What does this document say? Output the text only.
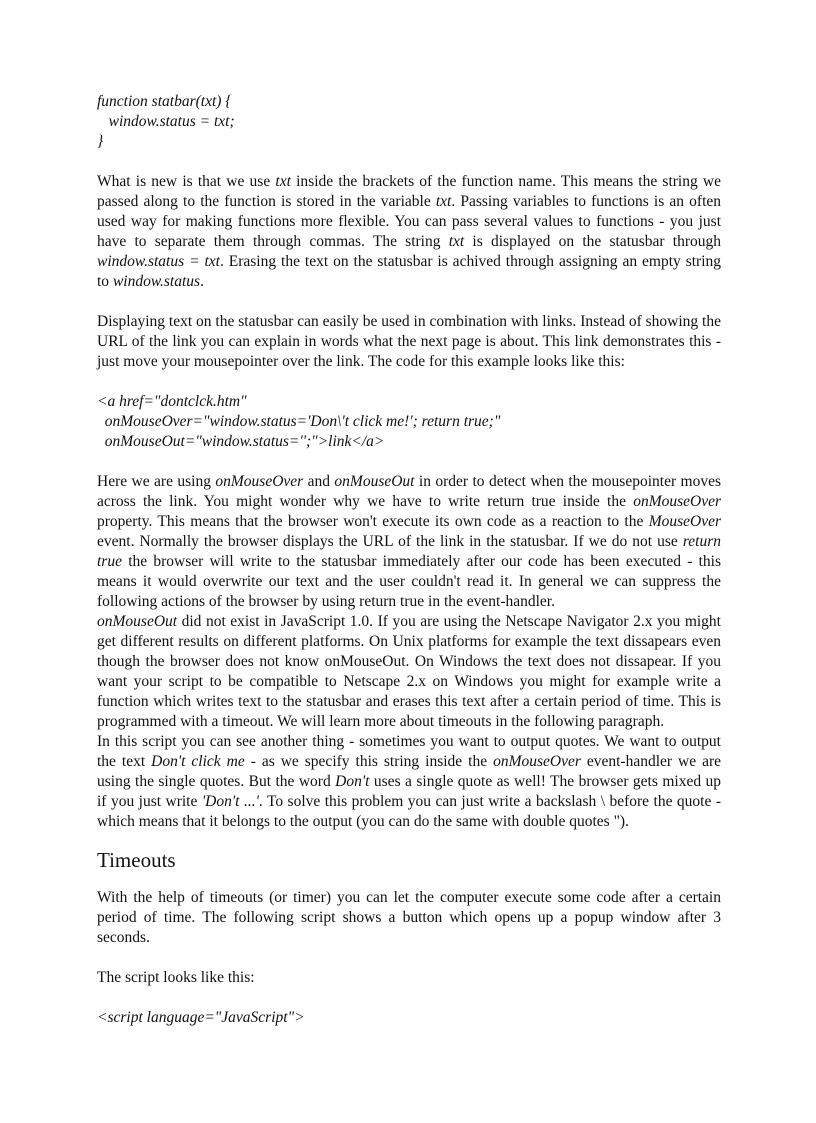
function statbar(txt) {
window.status = txt;
}

What is new is that we use txt inside the brackets of the function name. This means the string we passed along to the function is stored in the variable txt. Passing variables to functions is an often used way for making functions more flexible. You can pass several values to functions - you just have to separate them through commas. The string txt is displayed on the statusbar through window.status = txt. Erasing the text on the statusbar is achived through assigning an empty string to window.status.

Displaying text on the statusbar can easily be used in combination with links. Instead of showing the URL of the link you can explain in words what the next page is about. This link demonstrates this - just move your mousepointer over the link. The code for this example looks like this:

<a href="dontclck.htm"
onMouseOver="window.status='Don\'t click me!'; return true;"
onMouseOut="window.status='';">link</a>

Here we are using onMouseOver and onMouseOut in order to detect when the mousepointer moves across the link. You might wonder why we have to write return true inside the onMouseOver property. This means that the browser won't execute its own code as a reaction to the MouseOver event. Normally the browser displays the URL of the link in the statusbar. If we do not use return true the browser will write to the statusbar immediately after our code has been executed - this means it would overwrite our text and the user couldn't read it. In general we can suppress the following actions of the browser by using return true in the event-handler.

onMouseOut did not exist in JavaScript 1.0. If you are using the Netscape Navigator 2.x you might get different results on different platforms. On Unix platforms for example the text dissapears even though the browser does not know onMouseOut. On Windows the text does not dissapear. If you want your script to be compatible to Netscape 2.x on Windows you might for example write a function which writes text to the statusbar and erases this text after a certain period of time. This is programmed with a timeout. We will learn more about timeouts in the following paragraph.

In this script you can see another thing - sometimes you want to output quotes. We want to output the text Don't click me - as we specify this string inside the onMouseOver event-handler we are using the single quotes. But the word Don't uses a single quote as well! The browser gets mixed up if you just write 'Don't ...'. To solve this problem you can just write a backslash \ before the quote - which means that it belongs to the output (you can do the same with double quotes ").

Timeouts

With the help of timeouts (or timer) you can let the computer execute some code after a certain period of time. The following script shows a button which opens up a popup window after 3 seconds.

The script looks like this:

<script language="JavaScript">
